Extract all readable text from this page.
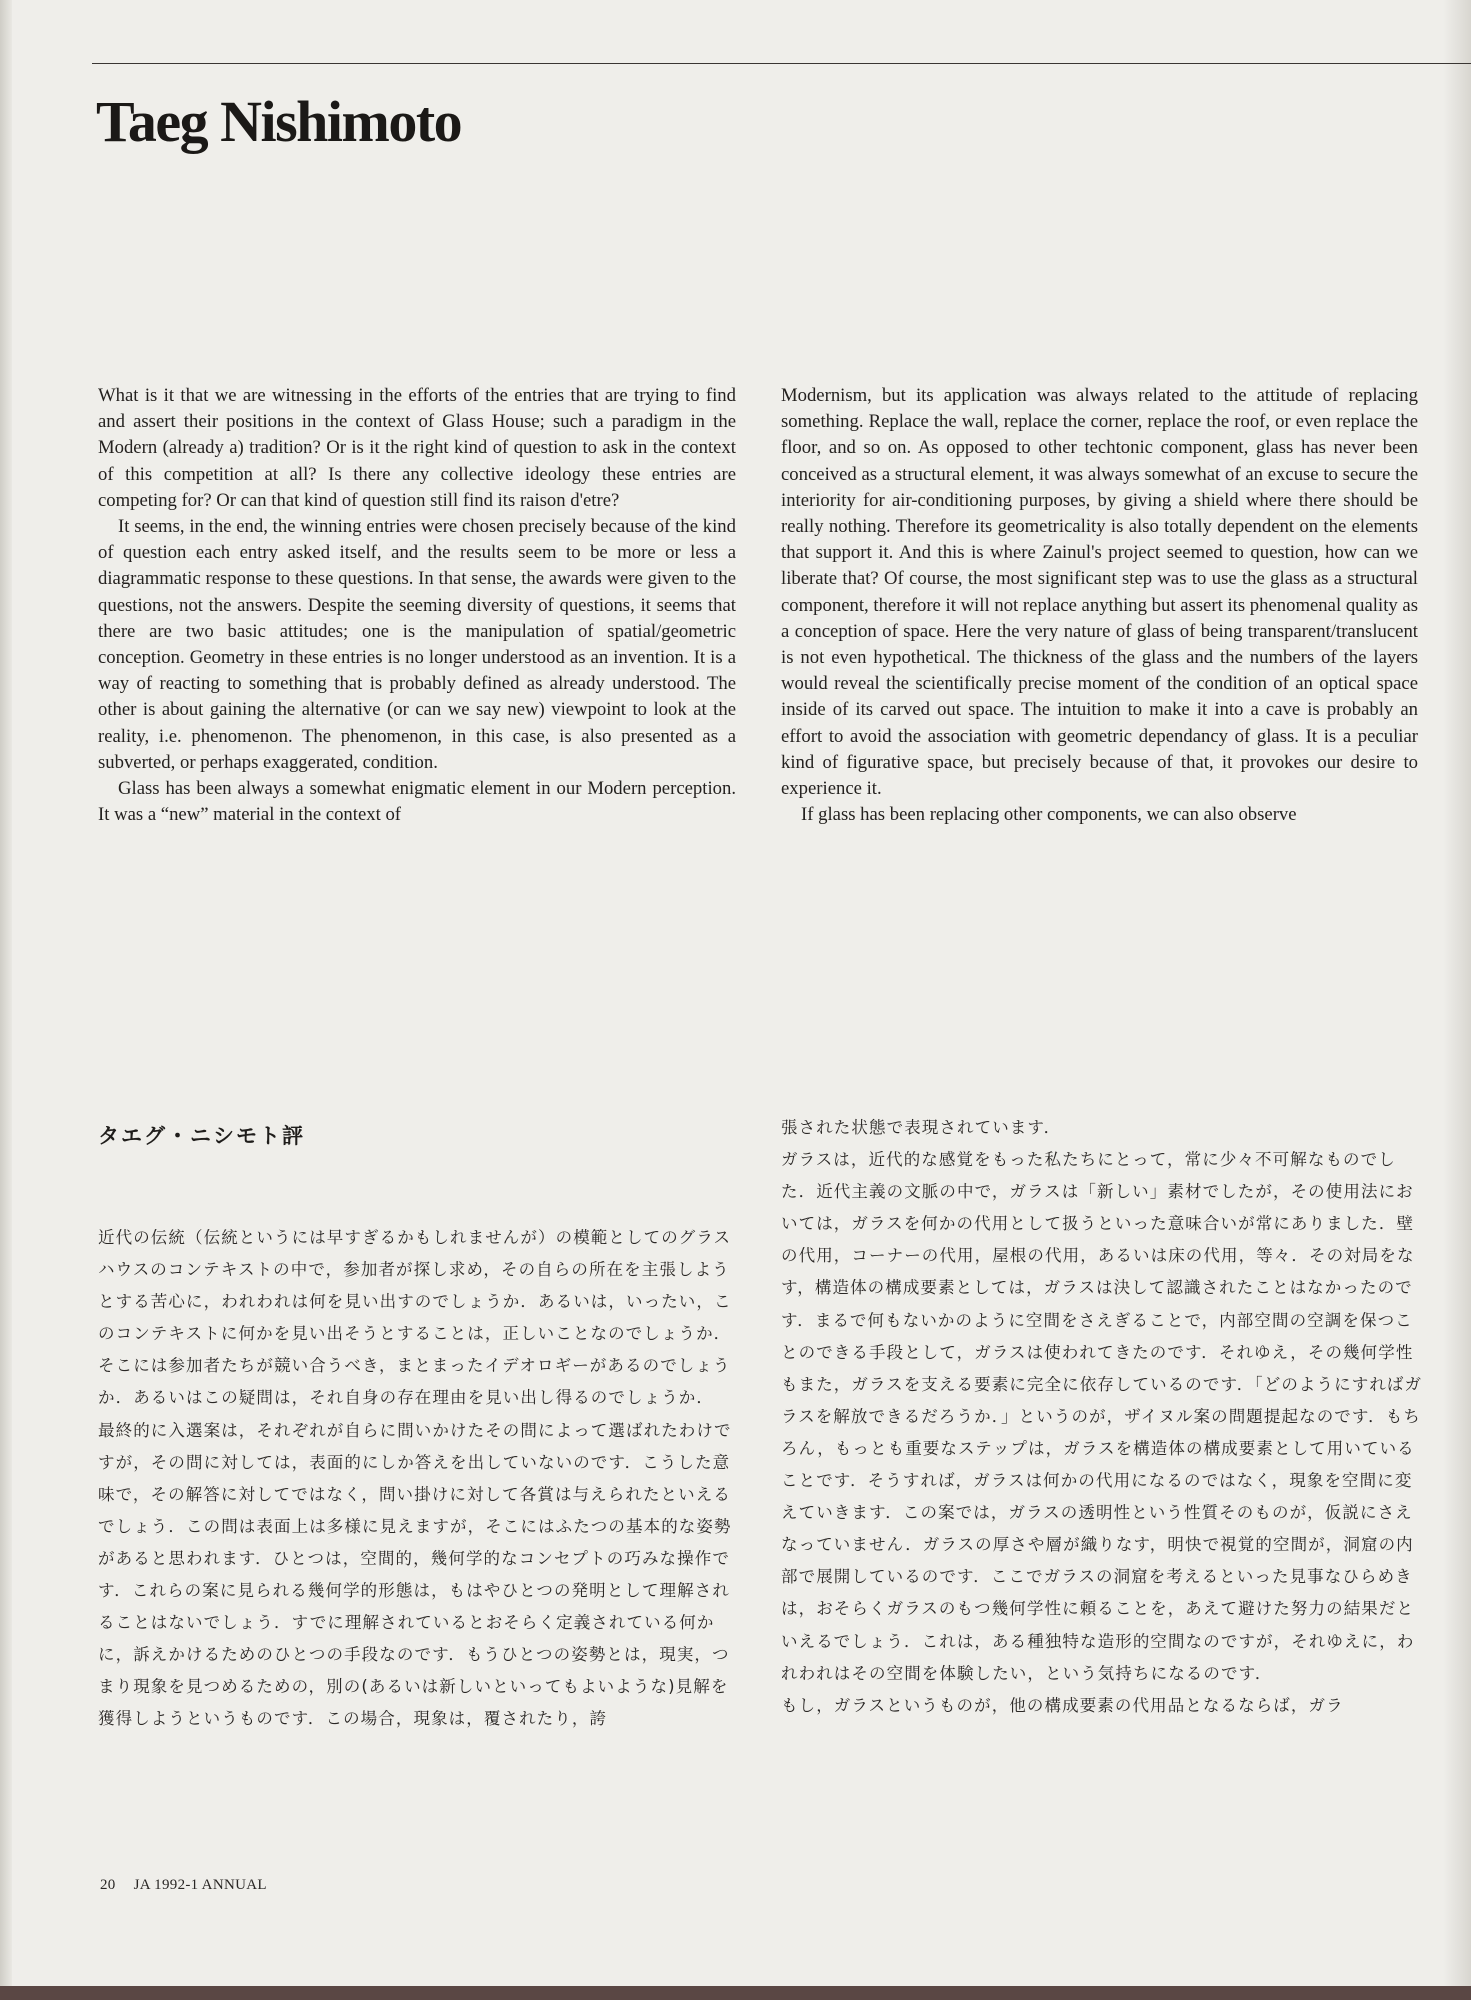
Taeg Nishimoto

What is it that we are witnessing in the efforts of the entries that are trying to find and assert their positions in the context of Glass House; such a paradigm in the Modern (already a) tradition? Or is it the right kind of question to ask in the context of this competition at all? Is there any collective ideology these entries are competing for? Or can that kind of question still find its raison d'etre?

It seems, in the end, the winning entries were chosen precisely because of the kind of question each entry asked itself, and the results seem to be more or less a diagrammatic response to these questions. In that sense, the awards were given to the questions, not the answers. Despite the seeming diversity of questions, it seems that there are two basic attitudes; one is the manipulation of spatial/geometric conception. Geometry in these entries is no longer understood as an invention. It is a way of reacting to something that is probably defined as already understood. The other is about gaining the alternative (or can we say new) viewpoint to look at the reality, i.e. phenomenon. The phenomenon, in this case, is also presented as a subverted, or perhaps exaggerated, condition.

Glass has been always a somewhat enigmatic element in our Modern perception. It was a “new” material in the context of

Modernism, but its application was always related to the attitude of replacing something. Replace the wall, replace the corner, replace the roof, or even replace the floor, and so on. As opposed to other techtonic component, glass has never been conceived as a structural element, it was always somewhat of an excuse to secure the interiority for air-conditioning purposes, by giving a shield where there should be really nothing. Therefore its geometricality is also totally dependent on the elements that support it. And this is where Zainul's project seemed to question, how can we liberate that? Of course, the most significant step was to use the glass as a structural component, therefore it will not replace anything but assert its phenomenal quality as a conception of space. Here the very nature of glass of being transparent/translucent is not even hypothetical. The thickness of the glass and the numbers of the layers would reveal the scientifically precise moment of the condition of an optical space inside of its carved out space. The intuition to make it into a cave is probably an effort to avoid the association with geometric dependancy of glass. It is a peculiar kind of figurative space, but precisely because of that, it provokes our desire to experience it.

If glass has been replacing other components, we can also observe

タエグ・ニシモト評

近代の伝統（伝統というには早すぎるかもしれませんが）の模範としてのグラスハウスのコンテキストの中で，参加者が探し求め，その自らの所在を主張しようとする苦心に，われわれは何を見い出すのでしょうか．あるいは，いったい，このコンテキストに何かを見い出そうとすることは，正しいことなのでしょうか．そこには参加者たちが競い合うべき，まとまったイデオロギーがあるのでしょうか．あるいはこの疑問は，それ自身の存在理由を見い出し得るのでしょうか．

最終的に入選案は，それぞれが自らに問いかけたその問によって選ばれたわけですが，その問に対しては，表面的にしか答えを出していないのです．こうした意味で，その解答に対してではなく，問い掛けに対して各賞は与えられたといえるでしょう．この問は表面上は多様に見えますが，そこにはふたつの基本的な姿勢があると思われます．ひとつは，空間的，幾何学的なコンセプトの巧みな操作です．これらの案に見られる幾何学的形態は，もはやひとつの発明として理解されることはないでしょう．すでに理解されているとおそらく定義されている何かに，訴えかけるためのひとつの手段なのです．もうひとつの姿勢とは，現実，つまり現象を見つめるための，別の(あるいは新しいといってもよいような)見解を獲得しようというものです．この場合，現象は，覆されたり，誇

張された状態で表現されています．

ガラスは，近代的な感覚をもった私たちにとって，常に少々不可解なものでした．近代主義の文脈の中で，ガラスは「新しい」素材でしたが，その使用法においては，ガラスを何かの代用として扱うといった意味合いが常にありました．壁の代用，コーナーの代用，屋根の代用，あるいは床の代用，等々．その対局をなす，構造体の構成要素としては，ガラスは決して認識されたことはなかったのです．まるで何もないかのように空間をさえぎることで，内部空間の空調を保つことのできる手段として，ガラスは使われてきたのです．それゆえ，その幾何学性もまた，ガラスを支える要素に完全に依存しているのです．「どのようにすればガラスを解放できるだろうか．」というのが，ザイヌル案の問題提起なのです．もちろん，もっとも重要なステップは，ガラスを構造体の構成要素として用いていることです．そうすれば，ガラスは何かの代用になるのではなく，現象を空間に変えていきます．この案では，ガラスの透明性という性質そのものが，仮説にさえなっていません．ガラスの厚さや層が織りなす，明快で視覚的空間が，洞窟の内部で展開しているのです．ここでガラスの洞窟を考えるといった見事なひらめきは，おそらくガラスのもつ幾何学性に頼ることを，あえて避けた努力の結果だといえるでしょう．これは，ある種独特な造形的空間なのですが，それゆえに，われわれはその空間を体験したい，という気持ちになるのです．

もし，ガラスというものが，他の構成要素の代用品となるならば，ガラ

20 JA 1992-1 ANNUAL
